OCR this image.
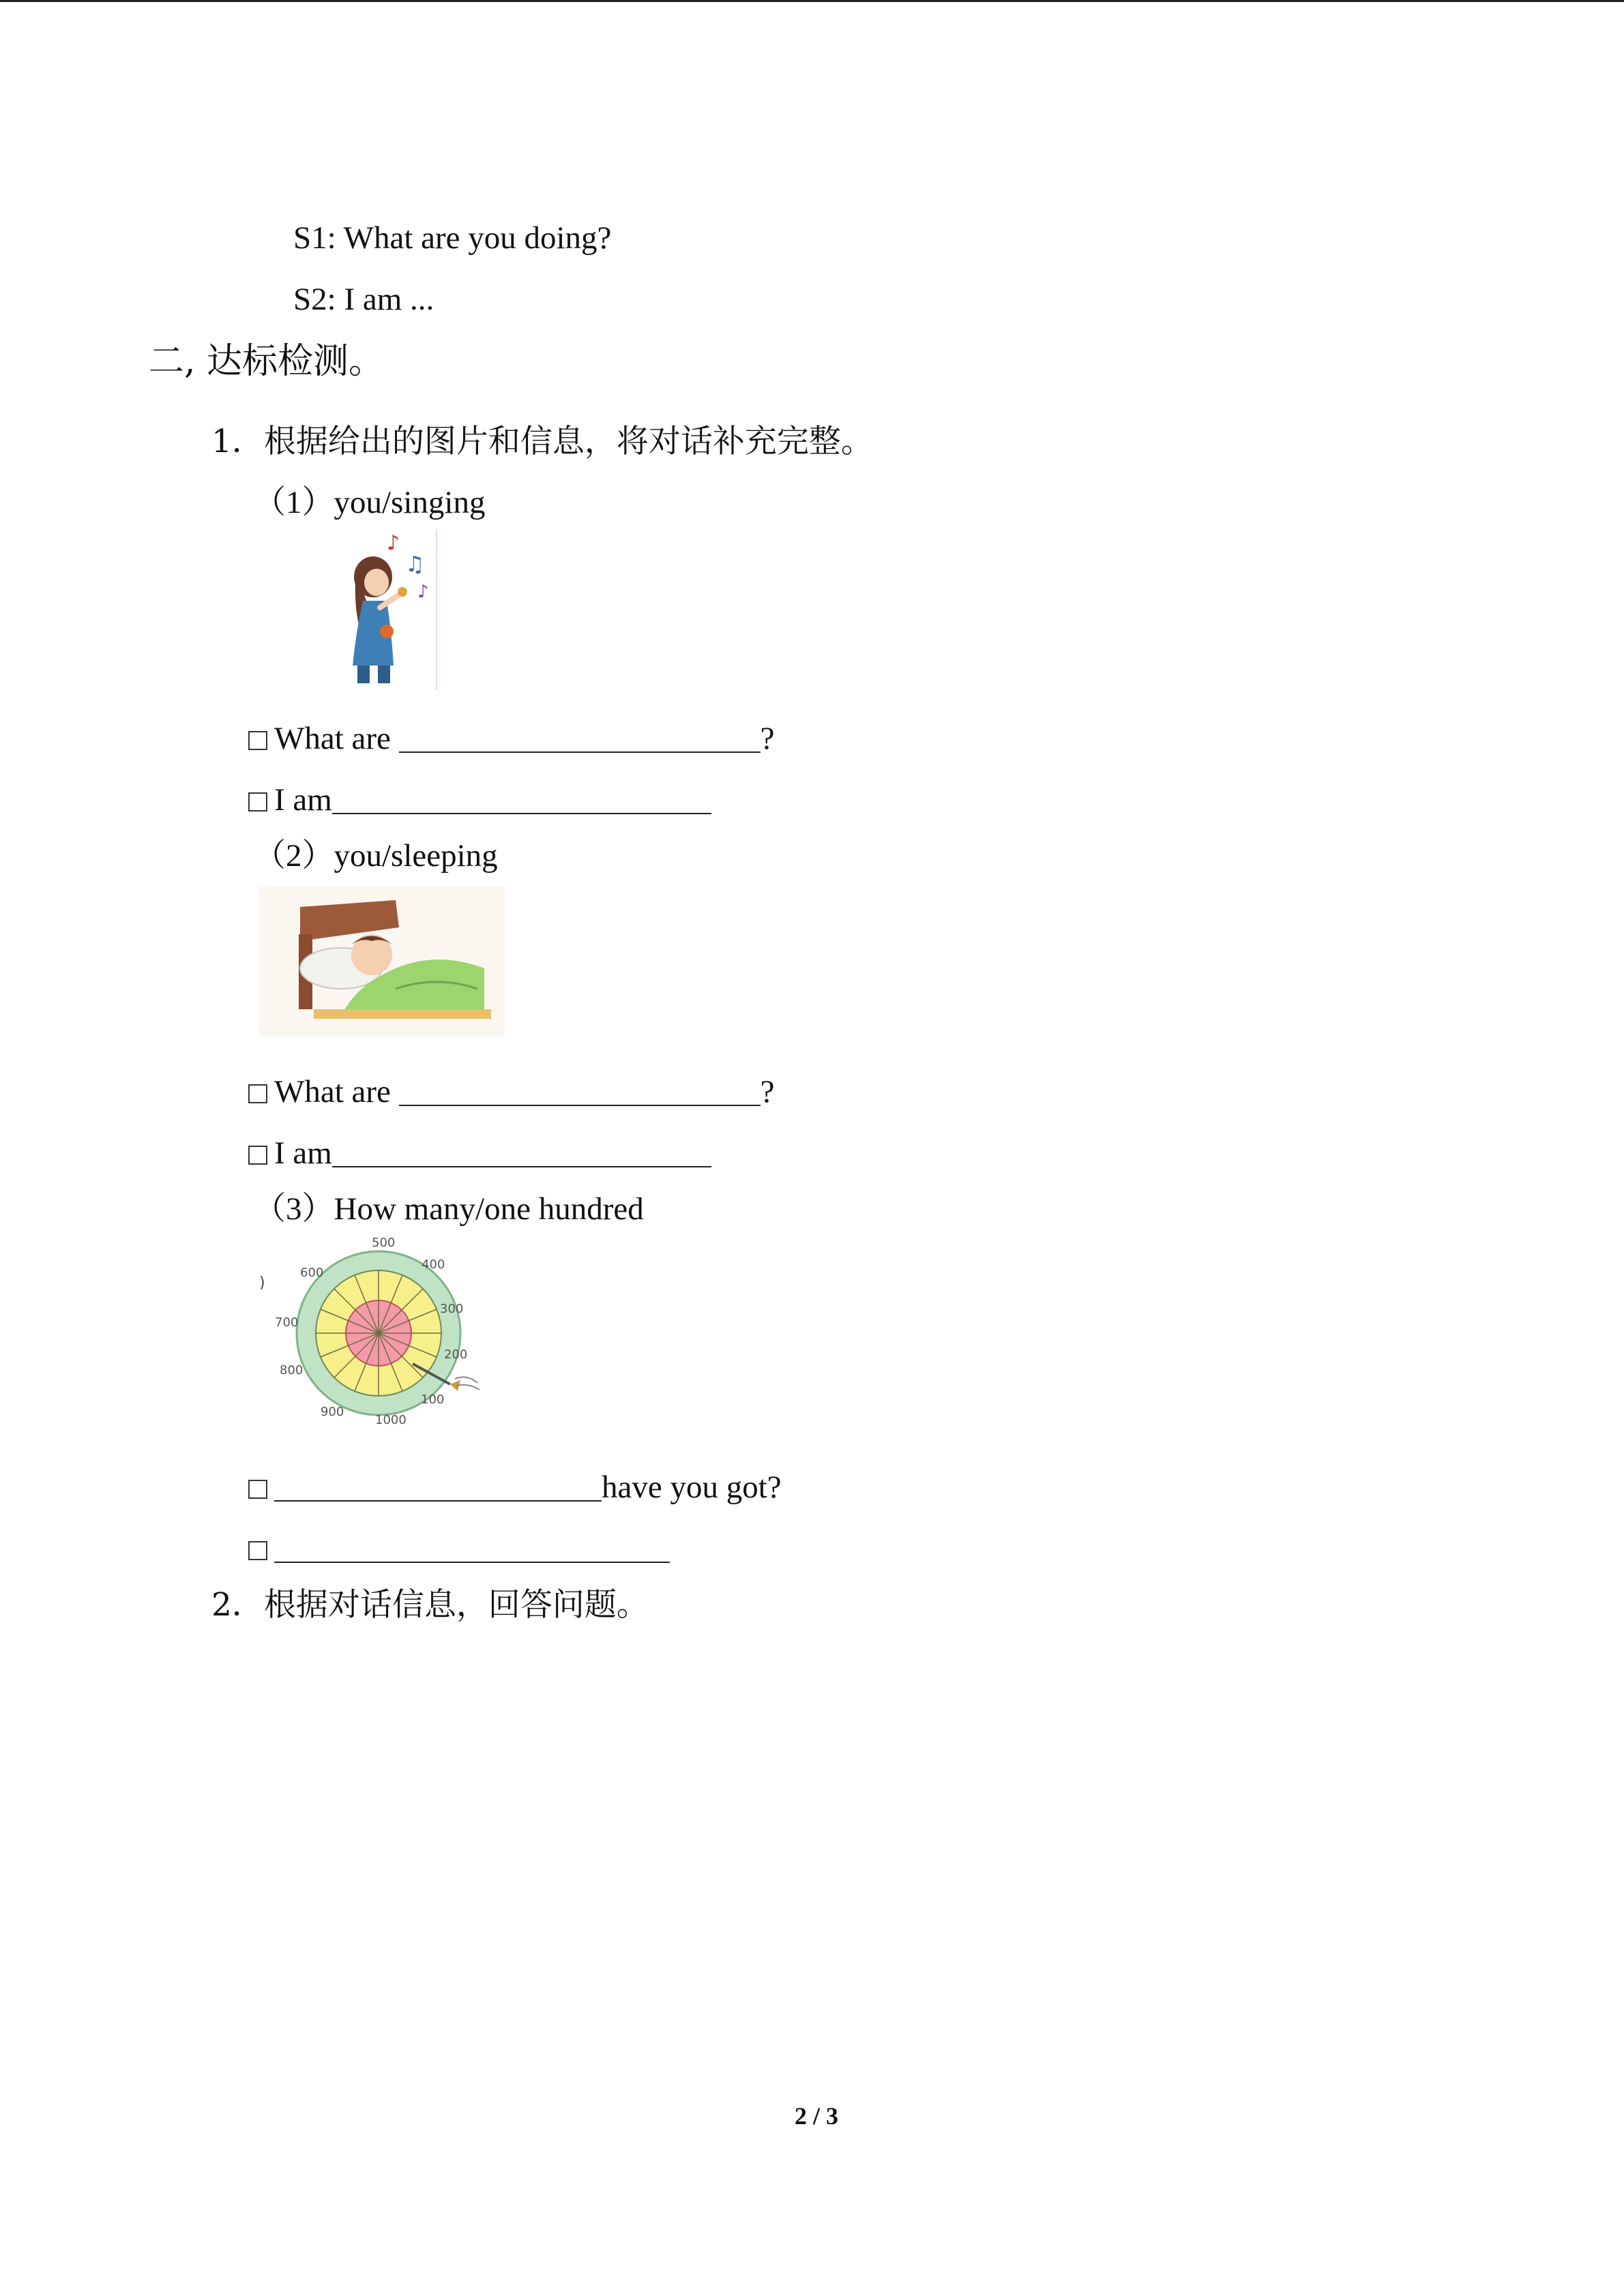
S1: What are you doing?
S2: I am ...
二, 达标检测。
1．根据给出的图片和信息，将对话补充完整。
（1）you/singing
♪
♫
♪
What are	?
I am
（2）you/sleeping
What are	?
I am
（3）How many/one hundred
)
500
400
300
200
100
1000
900
800
700
600
have you got?
2．根据对话信息，回答问题。
2 / 3
